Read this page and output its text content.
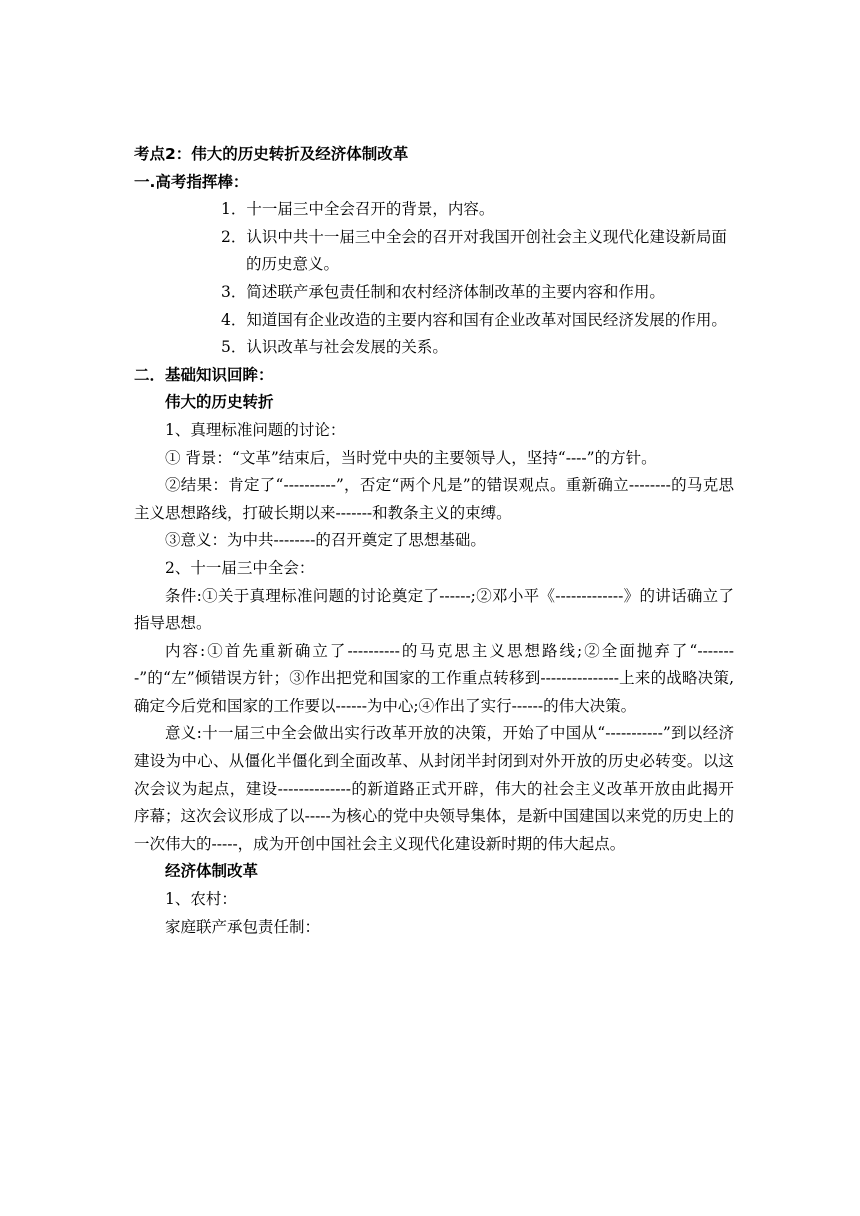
考点2：伟大的历史转折及经济体制改革

一.高考指挥棒：

1．十一届三中全会召开的背景，内容。
2．认识中共十一届三中全会的召开对我国开创社会主义现代化建设新局面的历史意义。
3．简述联产承包责任制和农村经济体制改革的主要内容和作用。
4．知道国有企业改造的主要内容和国有企业改革对国民经济发展的作用。
5．认识改革与社会发展的关系。

二．基础知识回眸：

伟大的历史转折

1、真理标准问题的讨论：

① 背景：“文革”结束后，当时党中央的主要领导人，坚持“----”的方针。

②结果：肯定了“----------”，否定“两个凡是”的错误观点。重新确立--------的马克思主义思想路线，打破长期以来-------和教条主义的束缚。

③意义：为中共--------的召开奠定了思想基础。

2、十一届三中全会：

条件:①关于真理标准问题的讨论奠定了------;②邓小平《-------------》的讲话确立了指导思想。

内容:①首先重新确立了----------的马克思主义思想路线;②全面抛弃了“--------”的“左”倾错误方针；③作出把党和国家的工作重点转移到---------------上来的战略决策,确定今后党和国家的工作要以------为中心;④作出了实行------的伟大决策。

意义:十一届三中全会做出实行改革开放的决策，开始了中国从“-----------”到以经济建设为中心、从僵化半僵化到全面改革、从封闭半封闭到对外开放的历史必转变。以这次会议为起点，建设--------------的新道路正式开辟，伟大的社会主义改革开放由此揭开序幕；这次会议形成了以-----为核心的党中央领导集体，是新中国建国以来党的历史上的一次伟大的-----，成为开创中国社会主义现代化建设新时期的伟大起点。

经济体制改革

1、农村：

家庭联产承包责任制：
